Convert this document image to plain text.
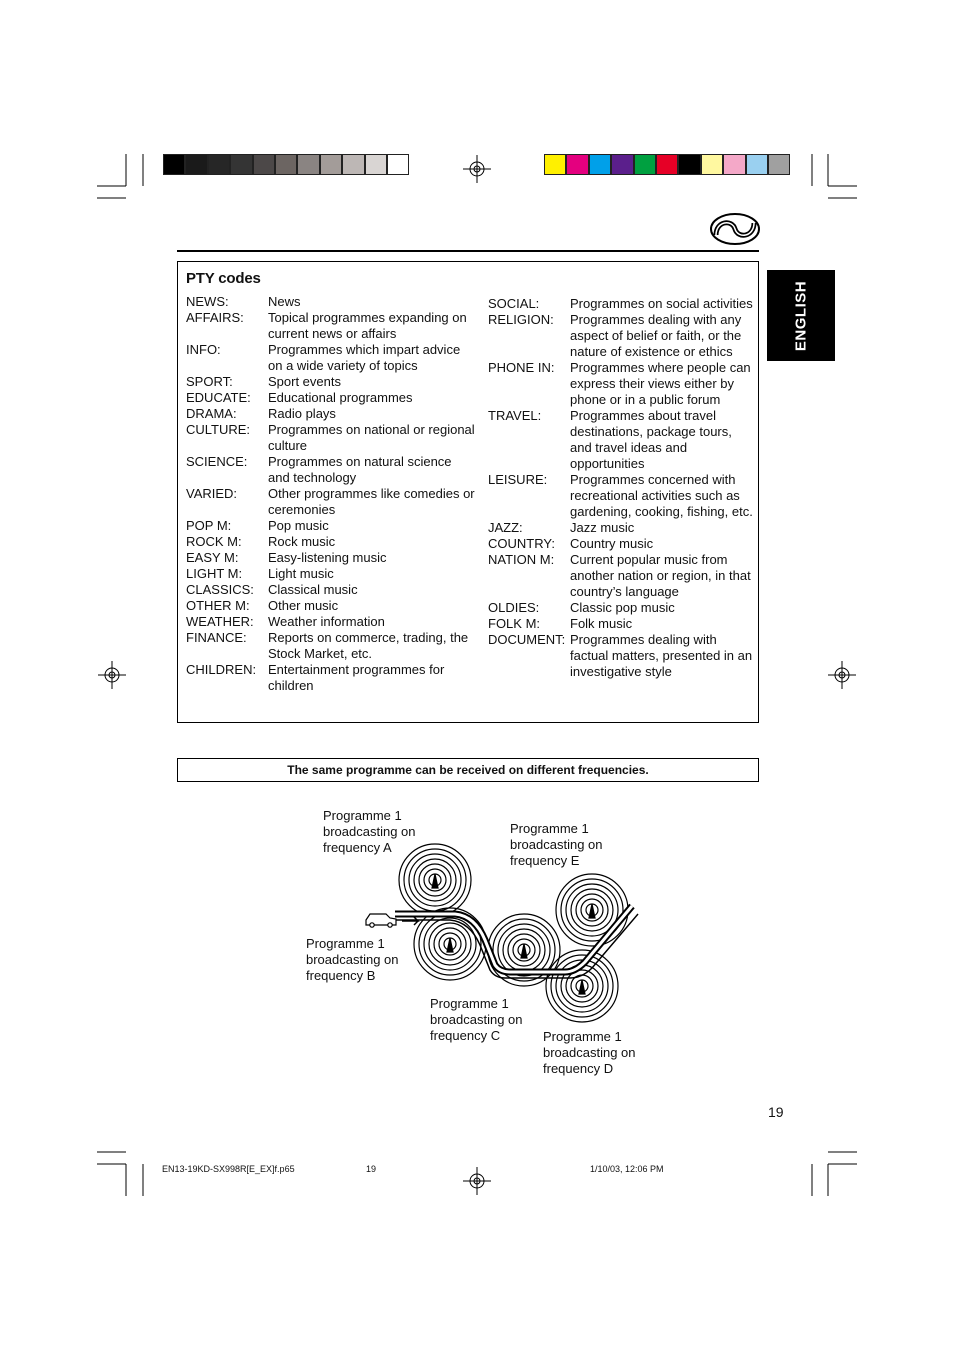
ENGLISH
PTY codes
NEWS:	News
AFFAIRS:	Topical programmes expanding on current news or affairs
INFO:	Programmes which impart advice on a wide variety of topics
SPORT:	Sport events
EDUCATE:	Educational programmes
DRAMA:	Radio plays
CULTURE:	Programmes on national or regional culture
SCIENCE:	Programmes on natural science and technology
VARIED:	Other programmes like comedies or ceremonies
POP M:	Pop music
ROCK M:	Rock music
EASY M:	Easy-listening music
LIGHT M:	Light music
CLASSICS:	Classical music
OTHER M:	Other music
WEATHER:	Weather information
FINANCE:	Reports on commerce, trading, the Stock Market, etc.
CHILDREN: Entertainment programmes for children
SOCIAL:	Programmes on social activities
RELIGION:	Programmes dealing with any aspect of belief or faith, or the nature of existence or ethics
PHONE IN:	Programmes where people can express their views either by phone or in a public forum
TRAVEL:	Programmes about travel destinations, package tours, and travel ideas and opportunities
LEISURE:	Programmes concerned with recreational activities such as gardening, cooking, fishing, etc.
JAZZ:	Jazz music
COUNTRY:	Country music
NATION M:	Current popular music from another nation or region, in that country’s language
OLDIES:	Classic pop music
FOLK M:	Folk music
DOCUMENT: Programmes dealing with factual matters, presented in an investigative style
The same programme can be received on different frequencies.
Programme 1
broadcasting on
frequency A
Programme 1
broadcasting on
frequency E
Programme 1
broadcasting on
frequency B
Programme 1
broadcasting on
frequency C	Programme 1
broadcasting on
frequency D
19
EN13-19KD-SX998R[E_EX]f.p65	19	1/10/03, 12:06 PM
